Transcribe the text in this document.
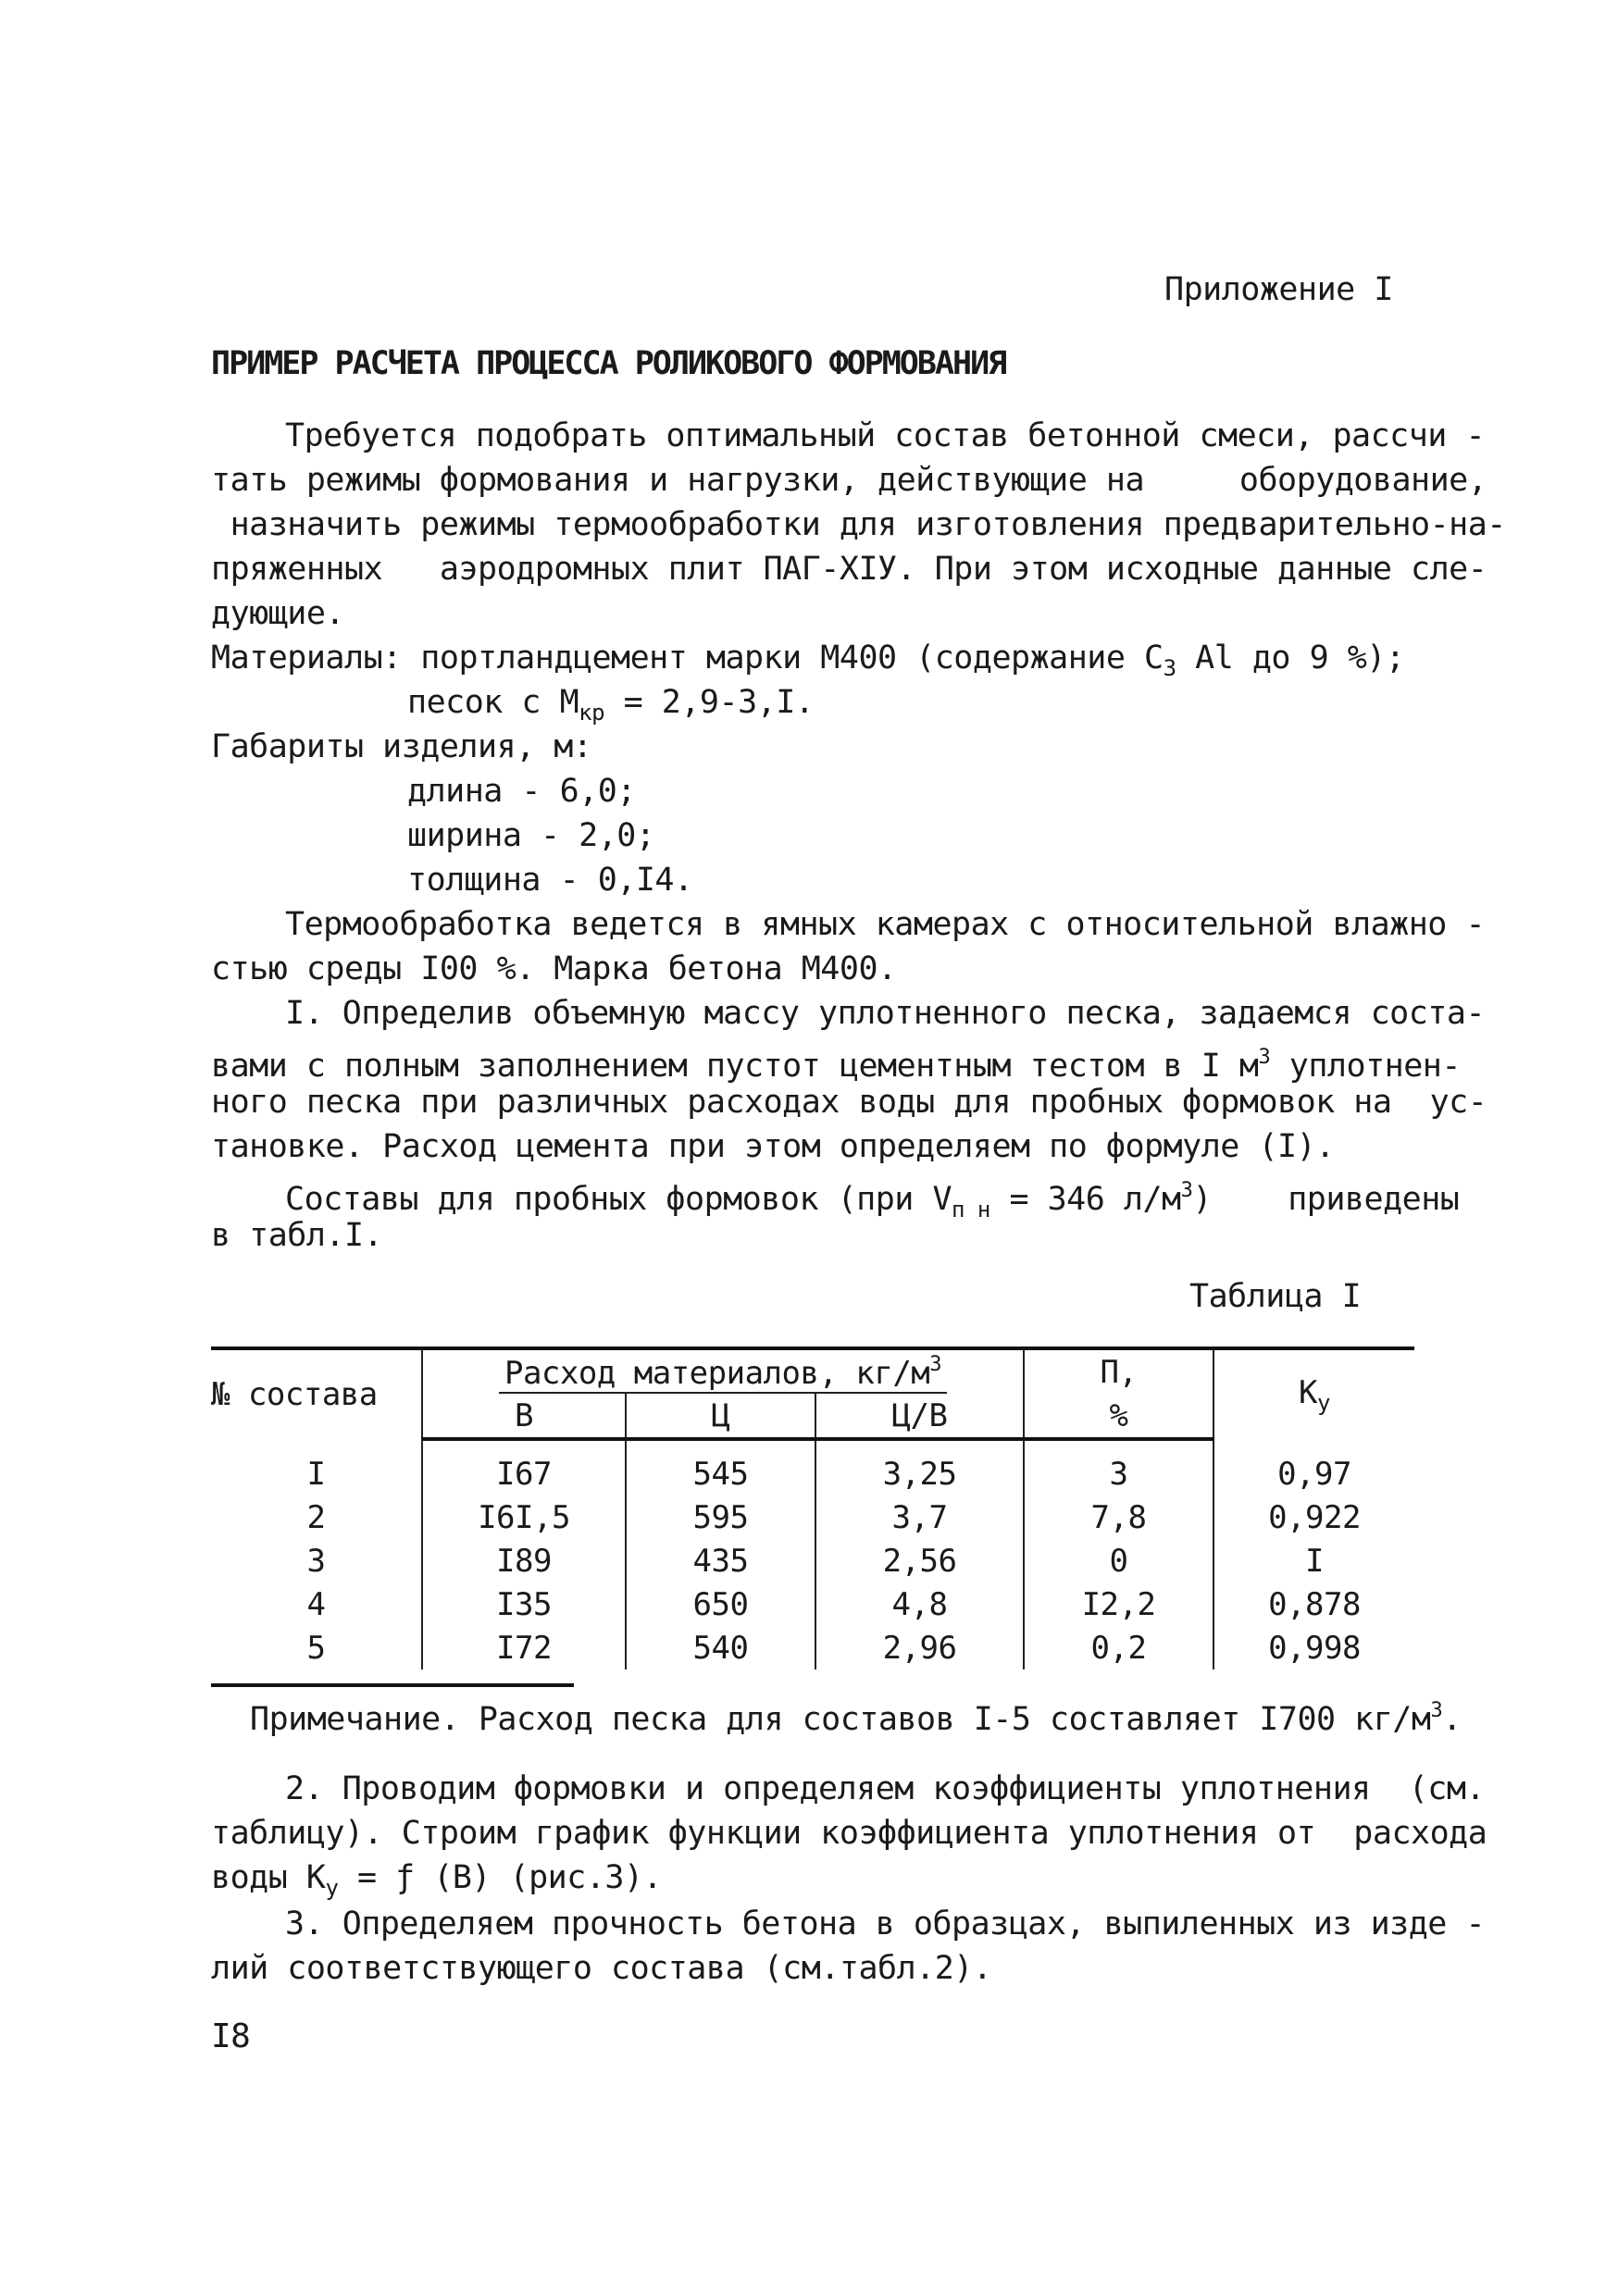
Приложение I
ПРИМЕР РАСЧЕТА ПРОЦЕССА РОЛИКОВОГО ФОРМОВАНИЯ
Требуется подобрать оптимальный состав бетонной смеси, рассчи -
тать режимы формования и нагрузки, действующие на     оборудование,
назначить режимы термообработки для изготовления предварительно-на-
пряженных   аэродромных плит ПАГ-XIУ. При этом исходные данные сле-
дующие.
Материалы: портландцемент марки М400 (содержание $С_3$ Al до 9 %);
песок с $М_{кр} = 2,9-3,I$.
Габариты изделия, м:
длина - 6,0;
ширина - 2,0;
толщина - 0,I4.
Термообработка ведется в ямных камерах с относительной влажно -
стью среды I00 %. Марка бетона М400.
I. Определив объемную массу уплотненного песка, задаемся соста-
вами с полным заполнением пустот цементным тестом в I $м^3$ уплотнен-
ного песка при различных расходах воды для пробных формовок на  ус-
тановке. Расход цемента при этом определяем по формуле (I).
Составы для пробных формовок (при $V_{п н} = 346$ $л/м^3$)    приведены
в табл.I.
Таблица I
№ состава	Расход материалов, $кг/м^3$			П,	$К_у$
	В	Ц	Ц/В	%	

I	I67	545	3,25	3	0,97
2	I6I,5	595	3,7	7,8	0,922
3	I89	435	2,56	0	I
4	I35	650	4,8	I2,2	0,878
5	I72	540	2,96	0,2	0,998
Примечание. Расход песка для составов I-5 составляет I700 $кг/м^3$.
2. Проводим формовки и определяем коэффициенты уплотнения  (см.
таблицу). Строим график функции коэффициента уплотнения от  расхода
воды $К_у$ = ƒ (В) (рис.3).
3. Определяем прочность бетона в образцах, выпиленных из изде -
лий соответствующего состава (см.табл.2).
I8
